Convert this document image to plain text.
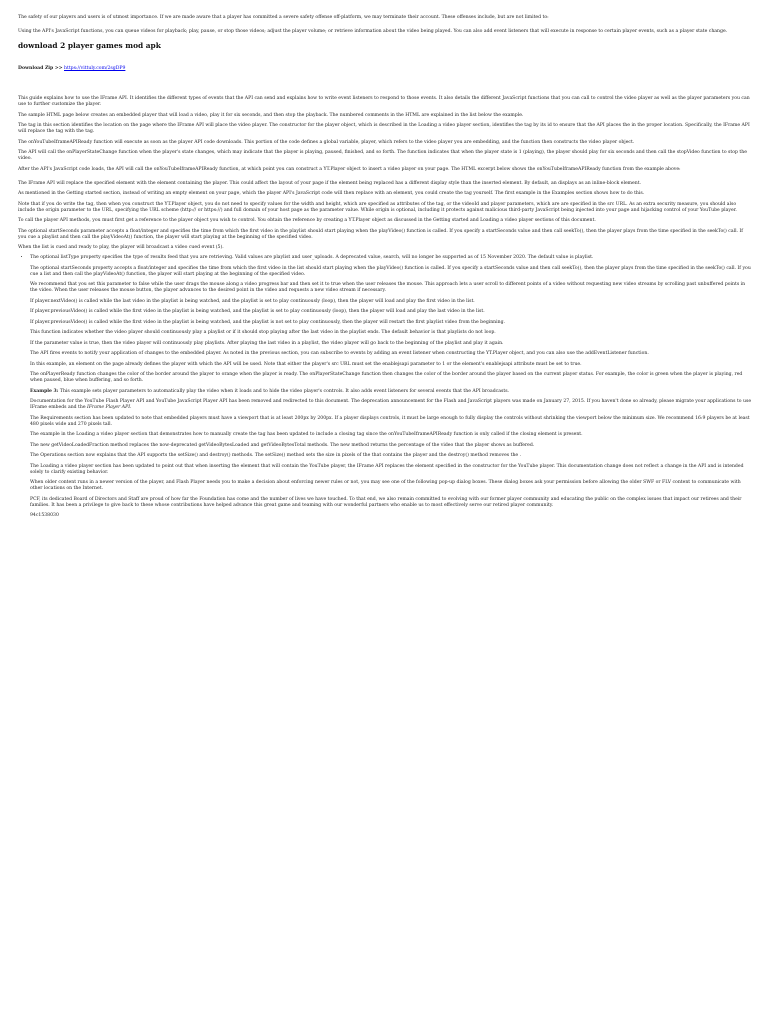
The safety of our players and users is of utmost importance. If we are made aware that a player has committed a severe safety offense off-platform, we may terminate their account. These offenses include, but are not limited to:

Using the API's JavaScript functions, you can queue videos for playback; play, pause, or stop those videos; adjust the player volume; or retrieve information about the video being played. You can also add event listeners that will execute in response to certain player events, such as a player state change.

download 2 player games mod apk
Download Zip >> https://vittuly.com/2sgDP9

This guide explains how to use the IFrame API. It identifies the different types of events that the API can send and explains how to write event listeners to respond to those events. It also details the different JavaScript functions that you can call to control the video player as well as the player parameters you can use to further customize the player.

The sample HTML page below creates an embedded player that will load a video, play it for six seconds, and then stop the playback. The numbered comments in the HTML are explained in the list below the example.

The tag in this section identifies the location on the page where the IFrame API will place the video player. The constructor for the player object, which is described in the Loading a video player section, identifies the tag by its id to ensure that the API places the in the proper location. Specifically, the IFrame API will replace the tag with the tag.

The onYouTubeIframeAPIReady function will execute as soon as the player API code downloads. This portion of the code defines a global variable, player, which refers to the video player you are embedding, and the function then constructs the video player object.

The API will call the onPlayerStateChange function when the player's state changes, which may indicate that the player is playing, paused, finished, and so forth. The function indicates that when the player state is 1 (playing), the player should play for six seconds and then call the stopVideo function to stop the video.

After the API's JavaScript code loads, the API will call the onYouTubeIframeAPIReady function, at which point you can construct a YT.Player object to insert a video player on your page. The HTML excerpt below shows the onYouTubeIframeAPIReady function from the example above:

The IFrame API will replace the specified element with the element containing the player. This could affect the layout of your page if the element being replaced has a different display style than the inserted element. By default, an displays as an inline-block element.

As mentioned in the Getting started section, instead of writing an empty element on your page, which the player API's JavaScript code will then replace with an element, you could create the tag yourself. The first example in the Examples section shows how to do this.

Note that if you do write the tag, then when you construct the YT.Player object, you do not need to specify values for the width and height, which are specified as attributes of the tag, or the videoId and player parameters, which are are specified in the src URL. As an extra security measure, you should also include the origin parameter to the URL, specifying the URL scheme (http:// or https://) and full domain of your host page as the parameter value. While origin is optional, including it protects against malicious third-party JavaScript being injected into your page and hijacking control of your YouTube player.

To call the player API methods, you must first get a reference to the player object you wish to control. You obtain the reference by creating a YT.Player object as discussed in the Getting started and Loading a video player sections of this document.

The optional startSeconds parameter accepts a float/integer and specifies the time from which the first video in the playlist should start playing when the playVideo() function is called. If you specify a startSeconds value and then call seekTo(), then the player plays from the time specified in the seekTo() call. If you cue a playlist and then call the playVideoAt() function, the player will start playing at the beginning of the specified video.

When the list is cued and ready to play, the player will broadcast a video cued event (5).

• The optional listType property specifies the type of results feed that you are retrieving. Valid values are playlist and user_uploads. A deprecated value, search, will no longer be supported as of 15 November 2020. The default value is playlist.

The optional startSeconds property accepts a float/integer and specifies the time from which the first video in the list should start playing when the playVideo() function is called. If you specify a startSeconds value and then call seekTo(), then the player plays from the time specified in the seekTo() call. If you cue a list and then call the playVideoAt() function, the player will start playing at the beginning of the specified video.

We recommend that you set this parameter to false while the user drags the mouse along a video progress bar and then set it to true when the user releases the mouse. This approach lets a user scroll to different points of a video without requesting new video streams by scrolling past unbuffered points in the video. When the user releases the mouse button, the player advances to the desired point in the video and requests a new video stream if necessary.

If player.nextVideo() is called while the last video in the playlist is being watched, and the playlist is set to play continuously (loop), then the player will load and play the first video in the list.

If player.previousVideo() is called while the first video in the playlist is being watched, and the playlist is set to play continuously (loop), then the player will load and play the last video in the list.

If player.previousVideo() is called while the first video in the playlist is being watched, and the playlist is not set to play continuously, then the player will restart the first playlist video from the beginning.

This function indicates whether the video player should continuously play a playlist or if it should stop playing after the last video in the playlist ends. The default behavior is that playlists do not loop.

If the parameter value is true, then the video player will continuously play playlists. After playing the last video in a playlist, the video player will go back to the beginning of the playlist and play it again.

The API fires events to notify your application of changes to the embedded player. As noted in the previous section, you can subscribe to events by adding an event listener when constructing the YT.Player object, and you can also use the addEventListener function.

In this example, an element on the page already defines the player with which the API will be used. Note that either the player's src URL must set the enablejsapi parameter to 1 or the element's enablejsapi attribute must be set to true.

The onPlayerReady function changes the color of the border around the player to orange when the player is ready. The onPlayerStateChange function then changes the color of the border around the player based on the current player status. For example, the color is green when the player is playing, red when paused, blue when buffering, and so forth.

Example 3: This example sets player parameters to automatically play the video when it loads and to hide the video player's controls. It also adds event listeners for several events that the API broadcasts.

Documentation for the YouTube Flash Player API and YouTube JavaScript Player API has been removed and redirected to this document. The deprecation announcement for the Flash and JavaScript players was made on January 27, 2015. If you haven't done so already, please migrate your applications to use IFrame embeds and the IFrame Player API.

The Requirements section has been updated to note that embedded players must have a viewport that is at least 200px by 200px. If a player displays controls, it must be large enough to fully display the controls without shrinking the viewport below the minimum size. We recommend 16:9 players be at least 480 pixels wide and 270 pixels tall.

The example in the Loading a video player section that demonstrates how to manually create the tag has been updated to include a closing tag since the onYouTubeIframeAPIReady function is only called if the closing element is present.

The new getVideoLoadedFraction method replaces the now-deprecated getVideoBytesLoaded and getVideoBytesTotal methods. The new method returns the percentage of the video that the player shows as buffered.

The Operations section now explains that the API supports the setSize() and destroy() methods. The setSize() method sets the size in pixels of the that contains the player and the destroy() method removes the .

The Loading a video player section has been updated to point out that when inserting the element that will contain the YouTube player, the IFrame API replaces the element specified in the constructor for the YouTube player. This documentation change does not reflect a change in the API and is intended solely to clarify existing behavior.

When older content runs in a newer version of the player, and Flash Player needs you to make a decision about enforcing newer rules or not, you may see one of the following pop-up dialog boxes. These dialog boxes ask your permission before allowing the older SWF or FLV content to communicate with other locations on the Internet.

PCF, its dedicated Board of Directors and Staff are proud of how far the Foundation has come and the number of lives we have touched. To that end, we also remain committed to evolving with our former player community and educating the public on the complex issues that impact our retirees and their families. It has been a privilege to give back to these whose contributions have helped advance this great game and teaming with our wonderful partners who enable us to most effectively serve our retired player community.

94c1538030
